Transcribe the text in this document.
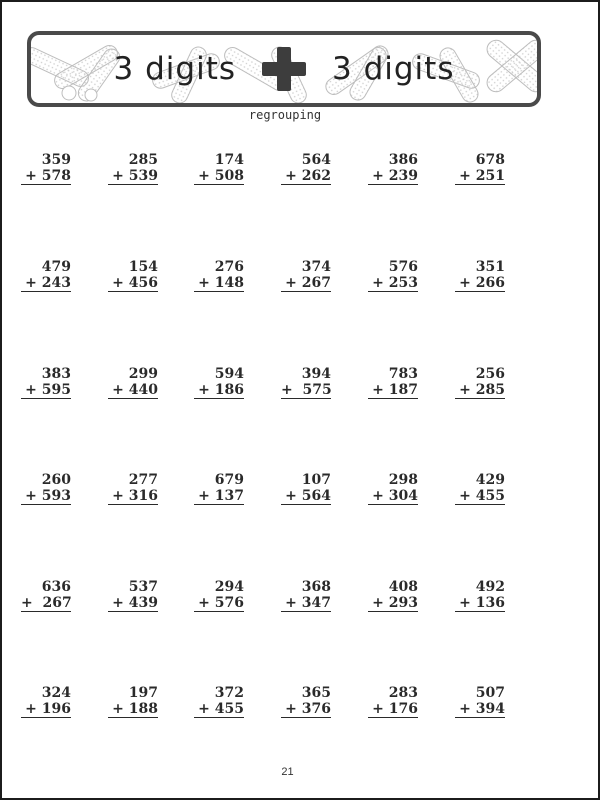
3 digits	3 digits
regrouping
359
+ 578
285
+ 539
174
+ 508
564
+ 262
386
+ 239
678
+ 251
479
+ 243
154
+ 456
276
+ 148
374
+ 267
576
+ 253
351
+ 266
383
+ 595
299
+ 440
594
+ 186
394
+  575
783
+ 187
256
+ 285
260
+ 593
277
+ 316
679
+ 137
107
+ 564
298
+ 304
429
+ 455
636
+  267
537
+ 439
294
+ 576
368
+ 347
408
+ 293
492
+ 136
324
+ 196
197
+ 188
372
+ 455
365
+ 376
283
+ 176
507
+ 394
21
